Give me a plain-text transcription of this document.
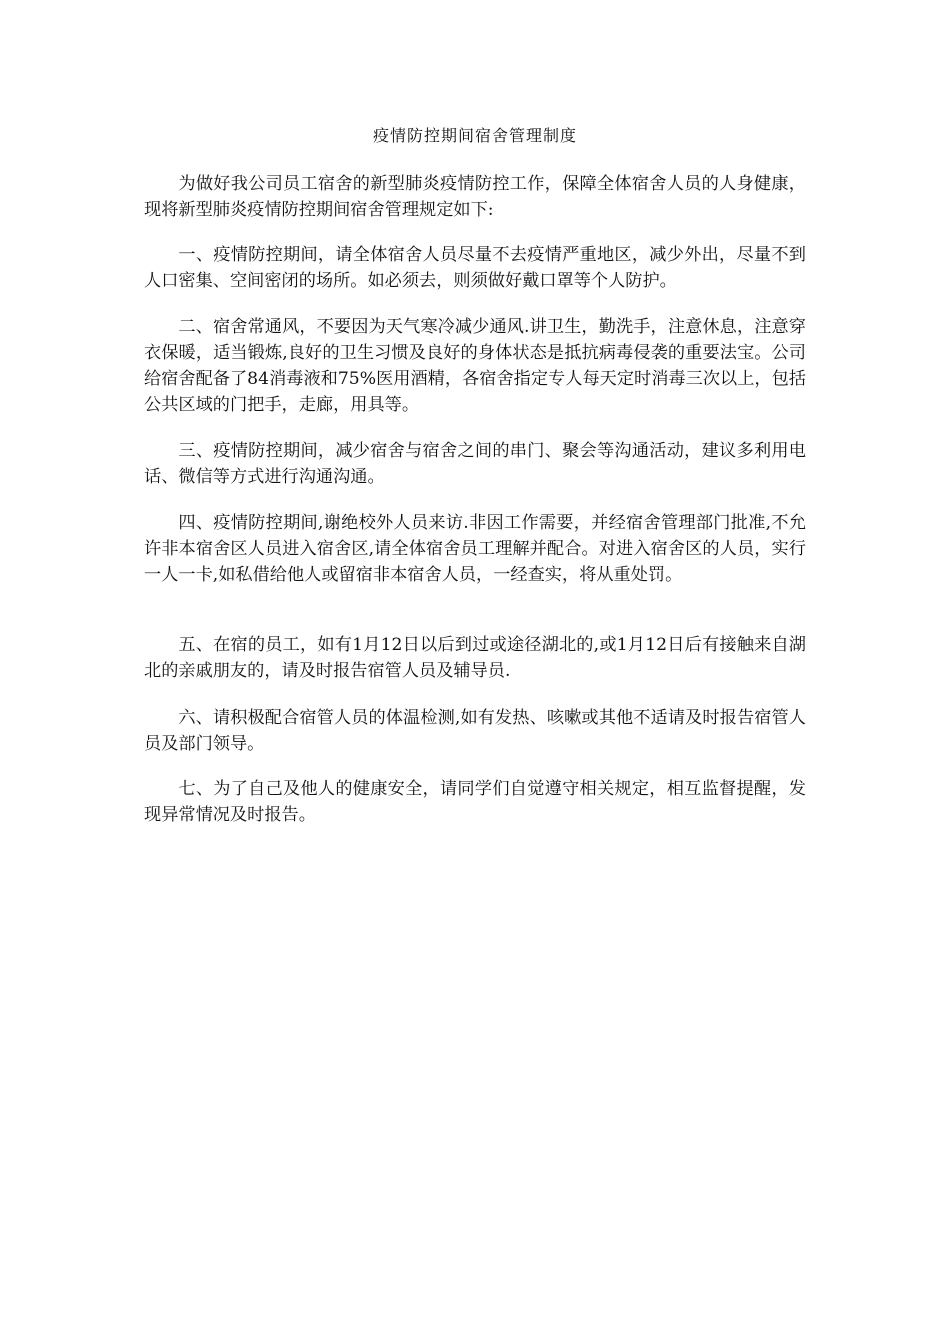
疫情防控期间宿舍管理制度

为做好我公司员工宿舍的新型肺炎疫情防控工作，保障全体宿舍人员的人身健康，现将新型肺炎疫情防控期间宿舍管理规定如下:

一、疫情防控期间，请全体宿舍人员尽量不去疫情严重地区，减少外出，尽量不到人口密集、空间密闭的场所。如必须去，则须做好戴口罩等个人防护。

二、宿舍常通风，不要因为天气寒冷减少通风.讲卫生，勤洗手，注意休息，注意穿衣保暖，适当锻炼,良好的卫生习惯及良好的身体状态是抵抗病毒侵袭的重要法宝。公司给宿舍配备了84消毒液和75%医用酒精，各宿舍指定专人每天定时消毒三次以上，包括公共区域的门把手，走廊，用具等。

三、疫情防控期间，减少宿舍与宿舍之间的串门、聚会等沟通活动，建议多利用电话、微信等方式进行沟通沟通。

四、疫情防控期间,谢绝校外人员来访.非因工作需要，并经宿舍管理部门批准,不允许非本宿舍区人员进入宿舍区,请全体宿舍员工理解并配合。对进入宿舍区的人员，实行一人一卡,如私借给他人或留宿非本宿舍人员，一经查实，将从重处罚。

五、在宿的员工，如有1月12日以后到过或途径湖北的,或1月12日后有接触来自湖北的亲戚朋友的，请及时报告宿管人员及辅导员.

六、请积极配合宿管人员的体温检测,如有发热、咳嗽或其他不适请及时报告宿管人员及部门领导。

七、为了自己及他人的健康安全，请同学们自觉遵守相关规定，相互监督提醒，发现异常情况及时报告。
